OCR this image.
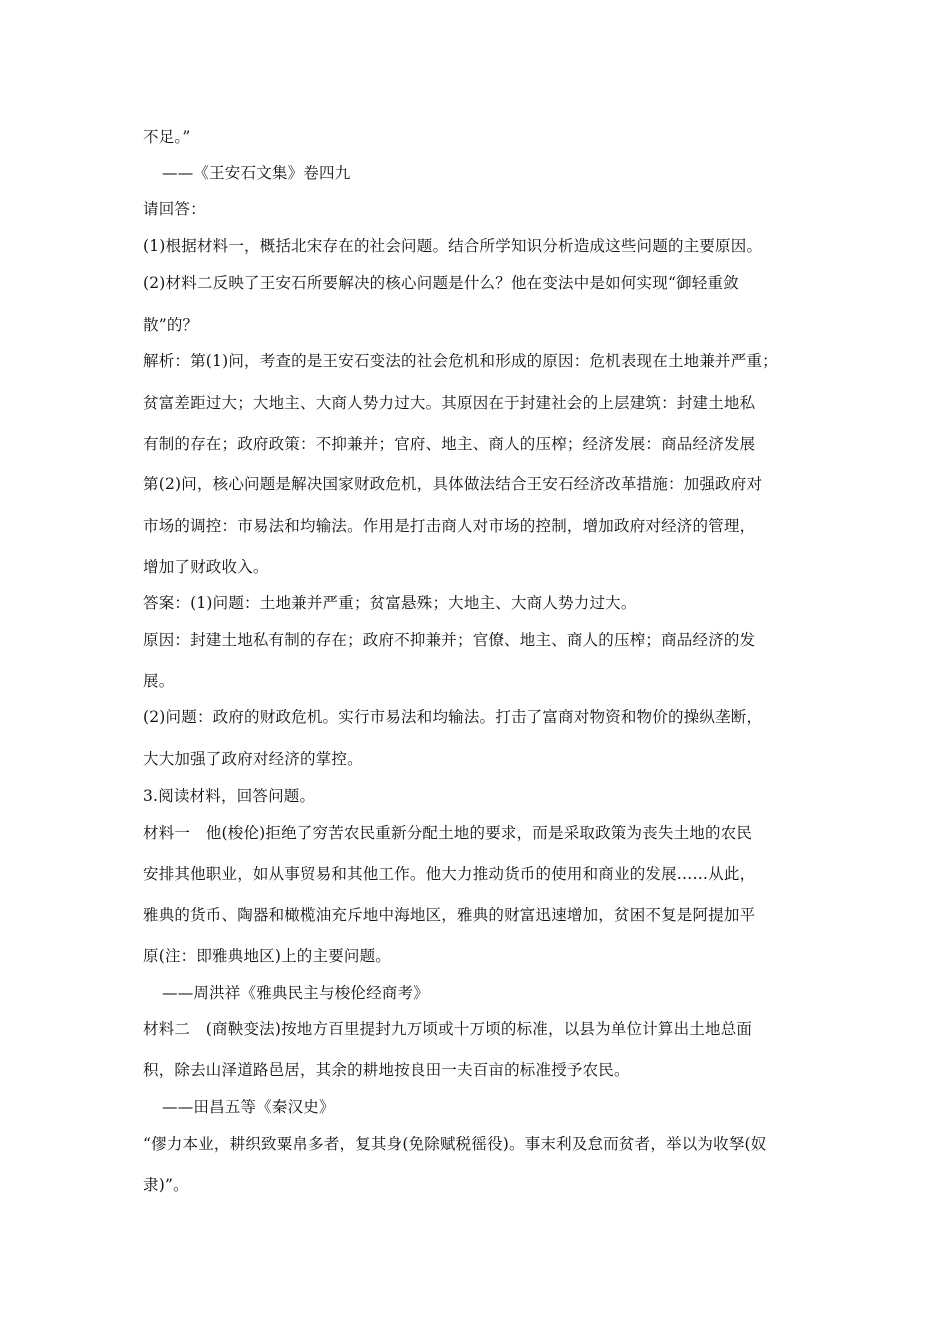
不足。”
——《王安石文集》卷四九
请回答：
(1)根据材料一，概括北宋存在的社会问题。结合所学知识分析造成这些问题的主要原因。
(2)材料二反映了王安石所要解决的核心问题是什么？他在变法中是如何实现“御轻重敛
散”的？
解析：第(1)问，考查的是王安石变法的社会危机和形成的原因：危机表现在土地兼并严重；
贫富差距过大；大地主、大商人势力过大。其原因在于封建社会的上层建筑：封建土地私
有制的存在；政府政策：不抑兼并；官府、地主、商人的压榨；经济发展：商品经济发展
第(2)问，核心问题是解决国家财政危机，具体做法结合王安石经济改革措施：加强政府对
市场的调控：市易法和均输法。作用是打击商人对市场的控制，增加政府对经济的管理，
增加了财政收入。
答案：(1)问题：土地兼并严重；贫富悬殊；大地主、大商人势力过大。
原因：封建土地私有制的存在；政府不抑兼并；官僚、地主、商人的压榨；商品经济的发
展。
(2)问题：政府的财政危机。实行市易法和均输法。打击了富商对物资和物价的操纵垄断，
大大加强了政府对经济的掌控。
3.阅读材料，回答问题。
材料一　他(梭伦)拒绝了穷苦农民重新分配土地的要求，而是采取政策为丧失土地的农民
安排其他职业，如从事贸易和其他工作。他大力推动货币的使用和商业的发展……从此，
雅典的货币、陶器和橄榄油充斥地中海地区，雅典的财富迅速增加，贫困不复是阿提加平
原(注：即雅典地区)上的主要问题。
——周洪祥《雅典民主与梭伦经商考》
材料二　(商鞅变法)按地方百里提封九万顷或十万顷的标准，以县为单位计算出土地总面
积，除去山泽道路邑居，其余的耕地按良田一夫百亩的标准授予农民。
——田昌五等《秦汉史》
“僇力本业，耕织致粟帛多者，复其身(免除赋税徭役)。事末利及怠而贫者，举以为收孥(奴
隶)”。
